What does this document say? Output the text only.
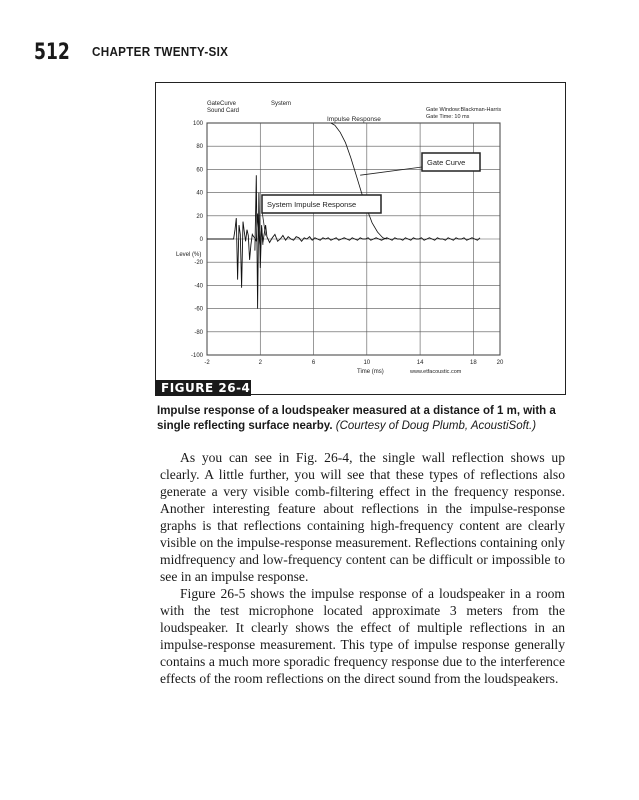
512 CHAPTER TWENTY-SIX
GateCurve
Sound Card
System
Impulse Response
Gate Window:Blackman-Harris
Gate Time: 10 ms
100
80
60
40
20
0
-20
-40
-60
-80
-100
-2	2	6	10	14	18	20
Level (%)
Time (ms)	www.etfacoustic.com
Gate Curve
System Impulse Response
FIGURE 26-4
Impulse response of a loudspeaker measured at a distance of 1 m, with a single reflecting surface nearby. (Courtesy of Doug Plumb, AcoustiSoft.)

As you can see in Fig. 26-4, the single wall reflection shows up clearly. A little further, you will see that these types of reflections also generate a very visible comb-filtering effect in the frequency response. Another interesting feature about reflections in the impulse-response graphs is that reflections containing high-frequency content are clearly visible on the impulse-response measurement. Reflections containing only midfrequency and low-frequency content can be difficult or impossible to see in an impulse response.

Figure 26-5 shows the impulse response of a loudspeaker in a room with the test microphone located approximate 3 meters from the loudspeaker. It clearly shows the effect of multiple reflections in an impulse-response measurement. This type of impulse response generally contains a much more sporadic frequency response due to the interference effects of the room reflections on the direct sound from the loudspeakers.
